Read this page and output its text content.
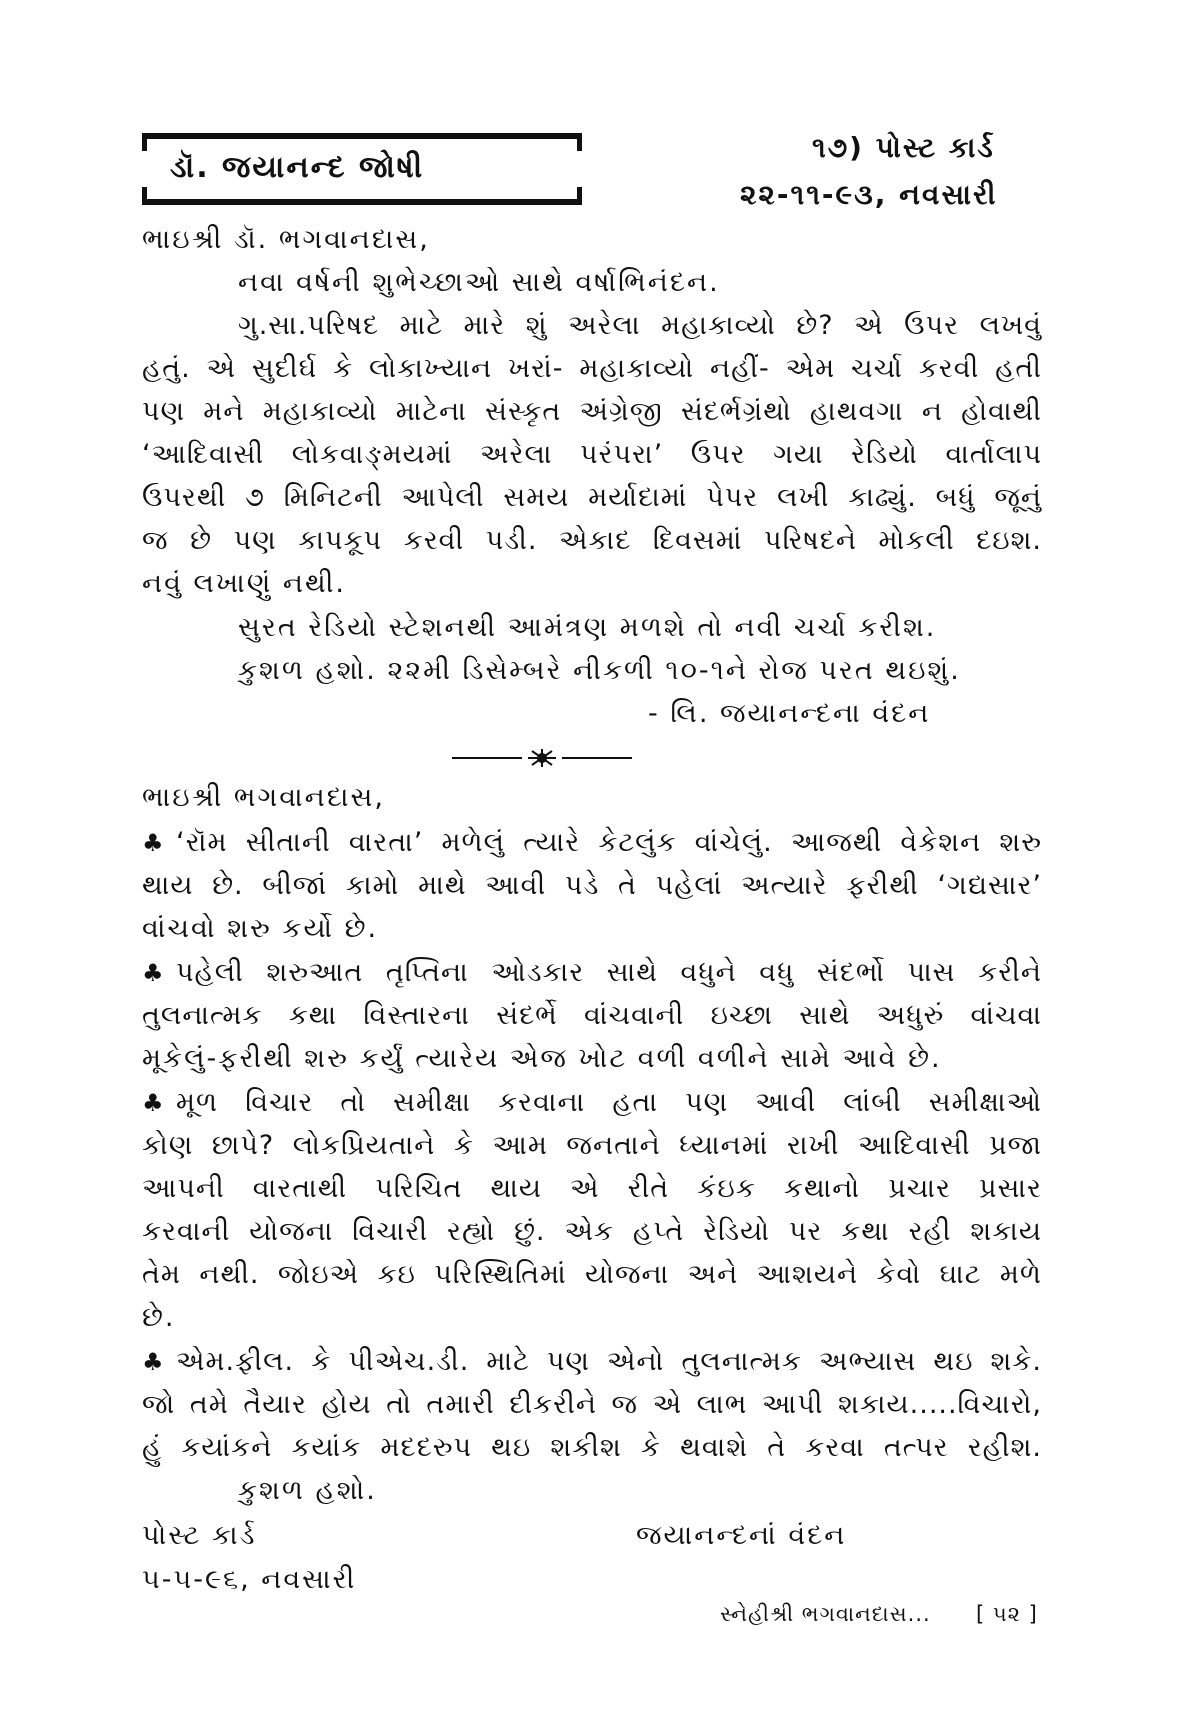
ડૉ. જયાનન્દ જોષી
૧૭) પોસ્ટ કાર્ડ
૨૨-૧૧-૯૩, નવસારી
ભાઇશ્રી ડૉ. ભગવાનદાસ,
નવા વર્ષની શુભેચ્છાઓ સાથે વર્ષાભિનંદન.
ગુ.સા.પરિષદ માટે મારે શું અરેલા મહાકાવ્યો છે? એ ઉપર લખવું
હતું. એ સુદીર્ઘ કે લોકાખ્યાન ખરાં- મહાકાવ્યો નહીં- એમ ચર્ચા કરવી હતી
પણ મને મહાકાવ્યો માટેના સંસ્કૃત અંગ્રેજી સંદર્ભગ્રંથો હાથવગા ન હોવાથી
‘આદિવાસી લોકવાઙ્મયમાં અરેલા પરંપરા’ ઉપર ગયા રેડિયો વાર્તાલાપ
ઉપરથી ૭ મિનિટની આપેલી સમય મર્યાદામાં પેપર લખી કાઢ્યું. બધું જૂનું
જ છે પણ કાપકૂપ કરવી પડી. એકાદ દિવસમાં પરિષદને મોકલી દઇશ.
નવું લખાણું નથી.
સુરત રેડિયો સ્ટેશનથી આમંત્રણ મળશે તો નવી ચર્ચા કરીશ.
કુશળ હશો. ૨૨મી ડિસેમ્બરે નીકળી ૧૦-૧ને રોજ પરત થઇશું.
- લિ. જયાનન્દના વંદન
ભાઇશ્રી ભગવાનદાસ,
♣ ‘રૉમ સીતાની વારતા’ મળેલું ત્યારે કેટલુંક વાંચેલું. આજથી વેકેશન શરુ
થાય છે. બીજાં કામો માથે આવી પડે તે પહેલાં અત્યારે ફરીથી ‘ગદ્યસાર’
વાંચવો શરુ કર્યો છે.
♣ પહેલી શરુઆત તૃપ્તિના ઓડકાર સાથે વધુને વધુ સંદર્ભો પાસ કરીને
તુલનાત્મક કથા વિસ્તારના સંદર્ભે વાંચવાની ઇચ્છા સાથે અધુરું વાંચવા
મૂકેલું-ફરીથી શરુ કર્યું ત્યારેય એજ ખોટ વળી વળીને સામે આવે છે.
♣ મૂળ વિચાર તો સમીક્ષા કરવાના હતા પણ આવી લાંબી સમીક્ષાઓ
કોણ છાપે? લોકપ્રિયતાને કે આમ જનતાને ધ્યાનમાં રાખી આદિવાસી પ્રજા
આપની વારતાથી પરિચિત થાય એ રીતે કંઇક કથાનો પ્રચાર પ્રસાર
કરવાની યોજના વિચારી રહ્યો છું. એક હપ્તે રેડિયો પર કથા રહી શકાય
તેમ નથી. જોઇએ કઇ પરિસ્થિતિમાં યોજના અને આશયને કેવો ઘાટ મળે
છે.
♣ એમ.ફીલ. કે પીએચ.ડી. માટે પણ એનો તુલનાત્મક અભ્યાસ થઇ શકે.
જો તમે તૈયાર હોય તો તમારી દીકરીને જ એ લાભ આપી શકાય.....વિચારો,
હું કયાંકને કયાંક મદદરુપ થઇ શકીશ કે થવાશે તે કરવા તત્પર રહીશ.
કુશળ હશો.
પોસ્ટ કાર્ડ	જયાનન્દનાં વંદન
૫-૫-૯૬, નવસારી
સ્નેહીશ્રી ભગવાનદાસ... [ ૫૨ ]
